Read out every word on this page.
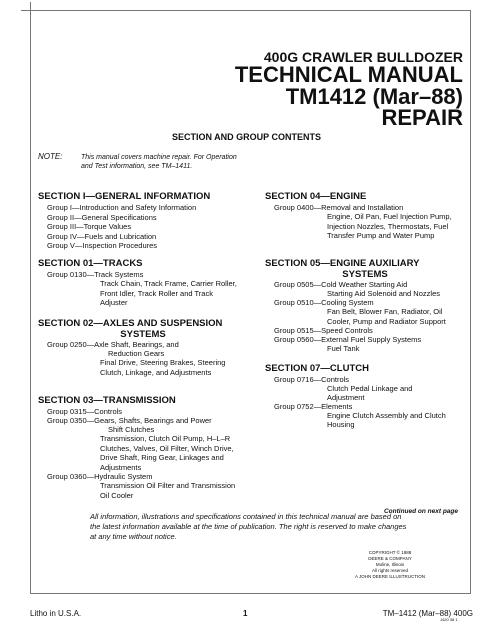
400G CRAWLER BULLDOZER
TECHNICAL MANUAL
TM1412 (Mar–88)
REPAIR
SECTION AND GROUP CONTENTS
NOTE:	This manual covers machine repair. For Operation and Test information, see TM–1411.
SECTION I—GENERAL INFORMATION
Group I—Introduction and Safety Information
Group II—General Specifications
Group III—Torque Values
Group IV—Fuels and Lubrication
Group V—Inspection Procedures
SECTION 01—TRACKS
Group 0130—Track Systems
Track Chain, Track Frame, Carrier Roller, Front Idler, Track Roller and Track Adjuster
SECTION 02—AXLES AND SUSPENSION
SYSTEMS
Group 0250—Axle Shaft, Bearings, and
Reduction Gears
Final Drive, Steering Brakes, Steering Clutch, Linkage, and Adjustments
SECTION 03—TRANSMISSION
Group 0315—Controls
Group 0350—Gears, Shafts, Bearings and Power
Shift Clutches
Transmission, Clutch Oil Pump, H–L–R Clutches, Valves, Oil Filter, Winch Drive, Drive Shaft, Ring Gear, Linkages and Adjustments
Group 0360—Hydraulic System
Transmission Oil Filter and Transmission Oil Cooler
SECTION 04—ENGINE
Group 0400—Removal and Installation
Engine, Oil Pan, Fuel Injection Pump, Injection Nozzles, Thermostats, Fuel Transfer Pump and Water Pump
SECTION 05—ENGINE AUXILIARY
SYSTEMS
Group 0505—Cold Weather Starting Aid
Starting Aid Solenoid and Nozzles
Group 0510—Cooling System
Fan Belt, Blower Fan, Radiator, Oil Cooler, Pump and Radiator Support
Group 0515—Speed Controls
Group 0560—External Fuel Supply Systems
Fuel Tank
SECTION 07—CLUTCH
Group 0716—Controls
Clutch Pedal Linkage and
Adjustment
Group 0752—Elements
Engine Clutch Assembly and Clutch
Housing
Continued on next page
All information, illustrations and specifications contained in this technical manual are based on the latest information available at the time of publication. The right is reserved to make changes at any time without notice.
COPYRIGHT © 1988
DEERE & COMPANY
Moline, Illinois
All rights reserved
A JOHN DEERE ILLUSTRUCTION
Litho in U.S.A.	1	TM–1412 (Mar–88) 400G
J420 38 1
